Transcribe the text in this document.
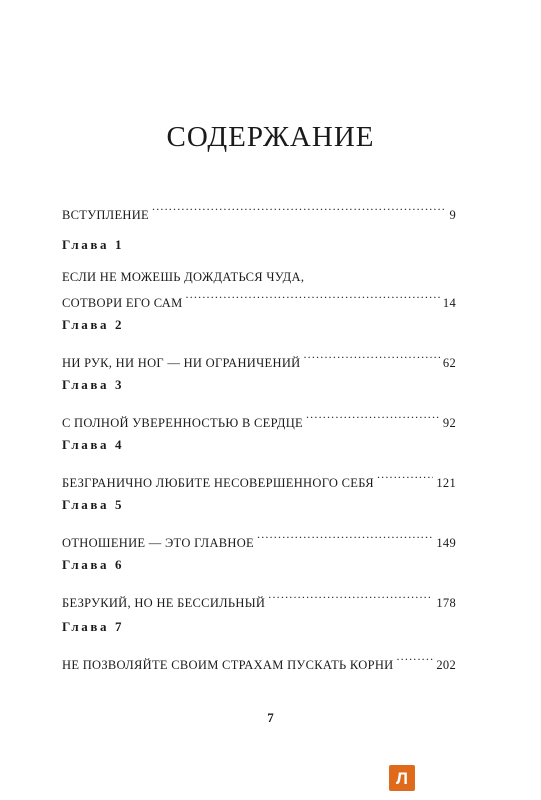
СОДЕРЖАНИЕ
ВСТУПЛЕНИЕ .....	9
Глава 1
ЕСЛИ НЕ МОЖЕШЬ ДОЖДАТЬСЯ ЧУДА,
СОТВОРИ ЕГО САМ .....	14
Глава 2
НИ РУК, НИ НОГ — НИ ОГРАНИЧЕНИЙ .....	62
Глава 3
С ПОЛНОЙ УВЕРЕННОСТЬЮ В СЕРДЦЕ .....	92
Глава 4
БЕЗГРАНИЧНО ЛЮБИТЕ НЕСОВЕРШЕННОГО СЕБЯ .....	121
Глава 5
ОТНОШЕНИЕ — ЭТО ГЛАВНОЕ .....	149
Глава 6
БЕЗРУКИЙ, НО НЕ БЕССИЛЬНЫЙ .....	178
Глава 7
НЕ ПОЗВОЛЯЙТЕ СВОИМ СТРАХАМ ПУСКАТЬ КОРНИ .....	202
7
Л
